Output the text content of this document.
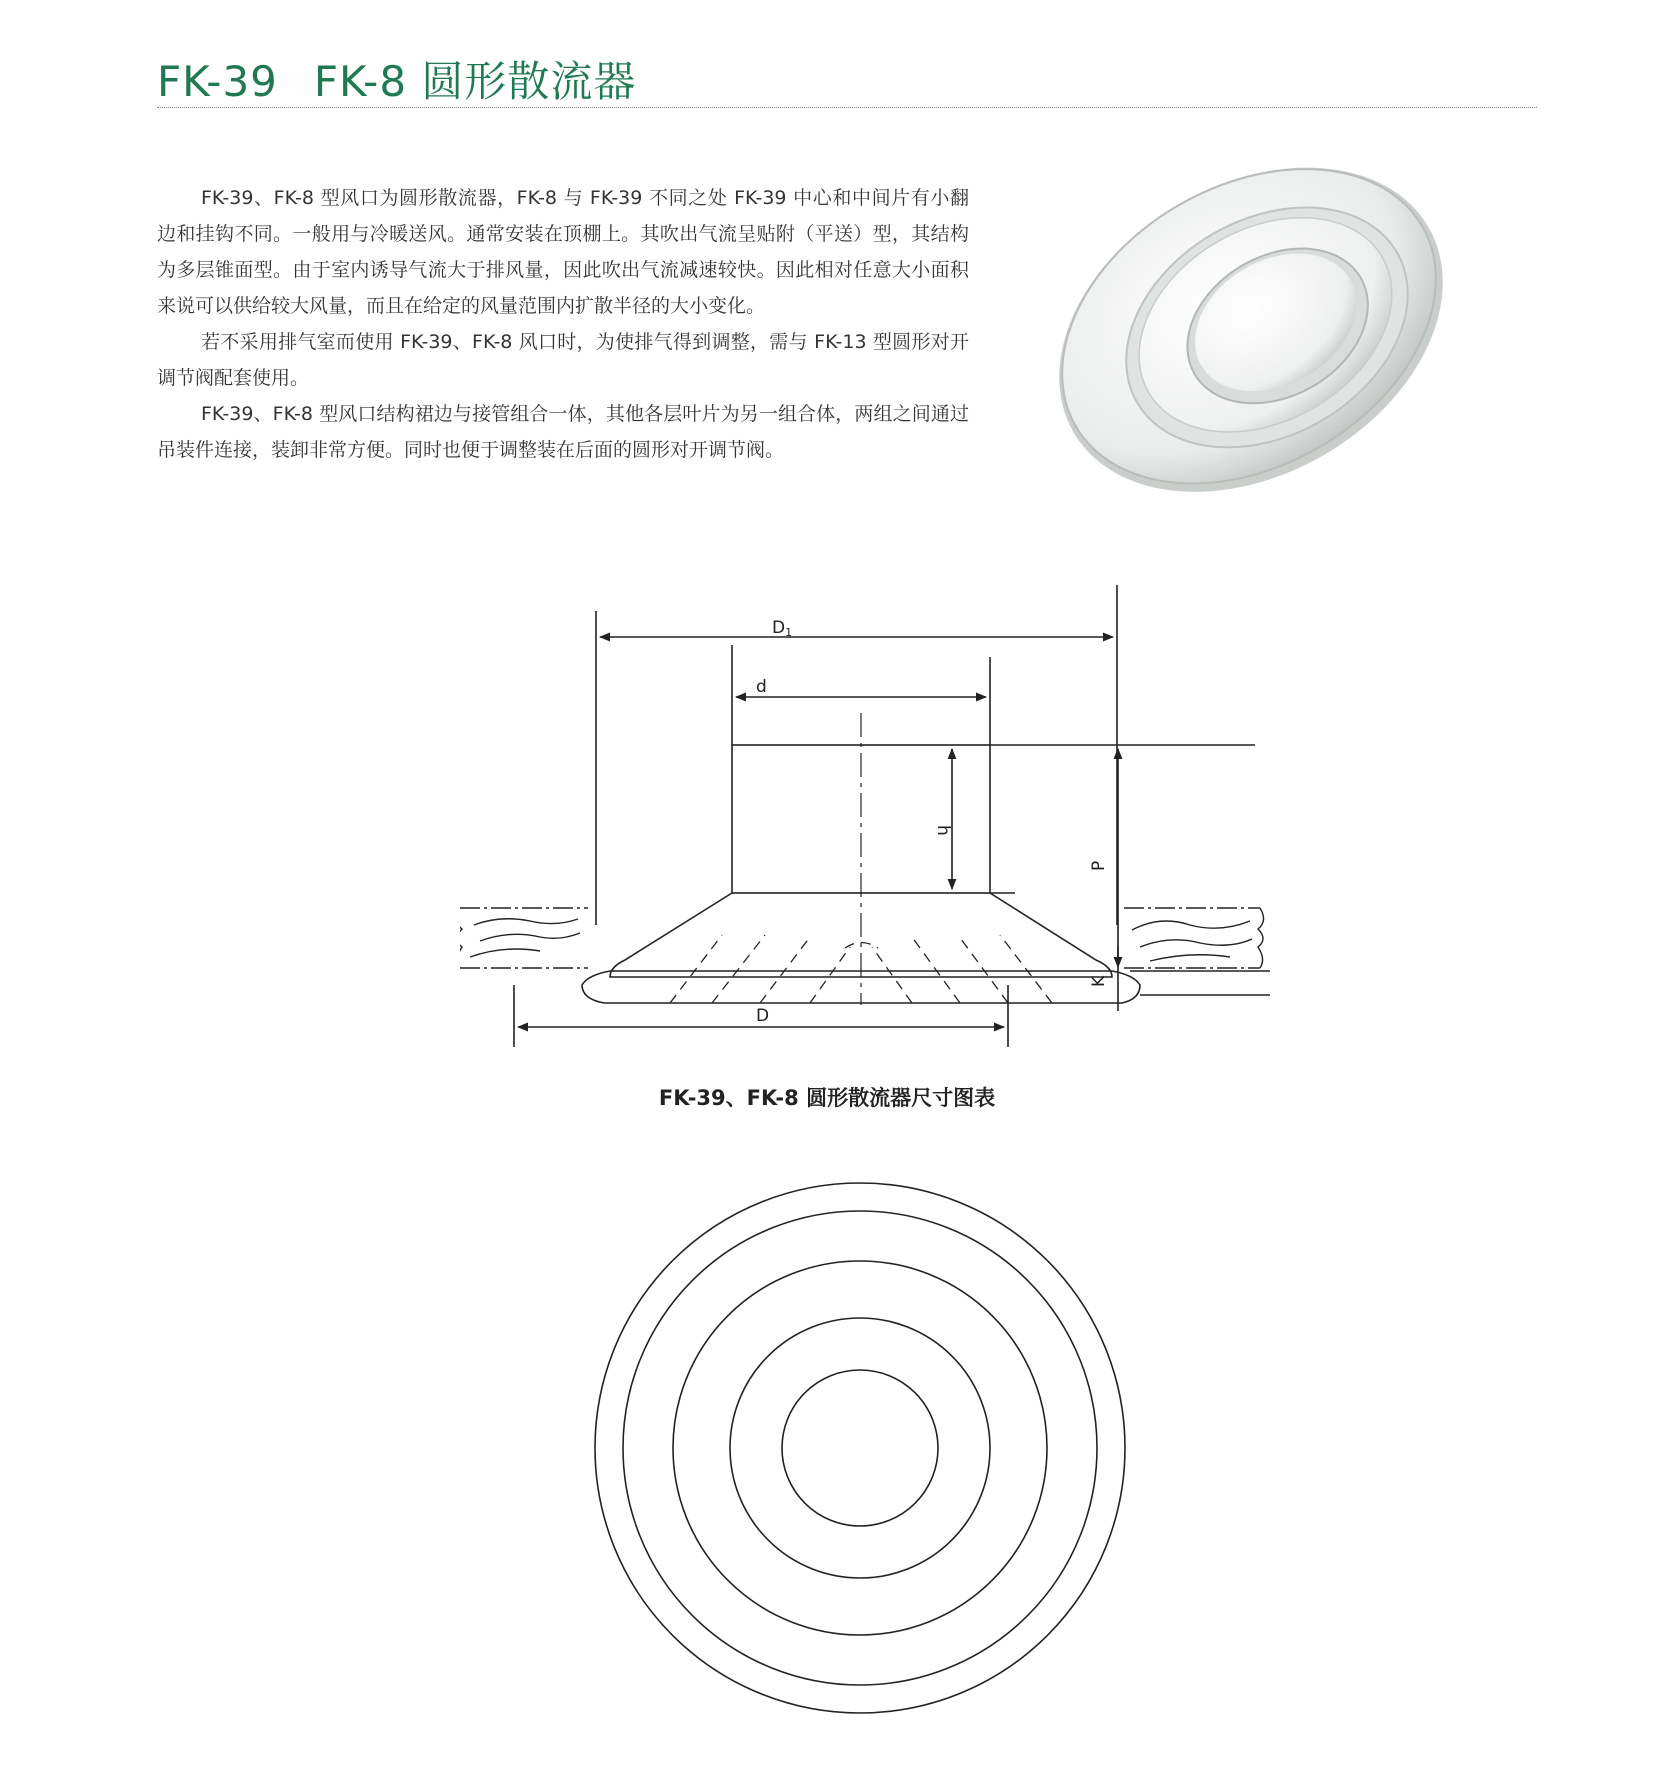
FK-39 FK-8 圆形散流器

FK-39、FK-8 型风口为圆形散流器，FK-8 与 FK-39 不同之处 FK-39 中心和中间片有小翻边和挂钩不同。一般用与冷暖送风。通常安装在顶棚上。其吹出气流呈贴附（平送）型，其结构为多层锥面型。由于室内诱导气流大于排风量，因此吹出气流减速较快。因此相对任意大小面积来说可以供给较大风量，而且在给定的风量范围内扩散半径的大小变化。

若不采用排气室而使用 FK-39、FK-8 风口时，为使排气得到调整，需与 FK-13 型圆形对开调节阀配套使用。

FK-39、FK-8 型风口结构裙边与接管组合一体，其他各层叶片为另一组合体，两组之间通过吊装件连接，装卸非常方便。同时也便于调整装在后面的圆形对开调节阀。

D1
d
h
P
K
D
FK-39、FK-8 圆形散流器尺寸图表
